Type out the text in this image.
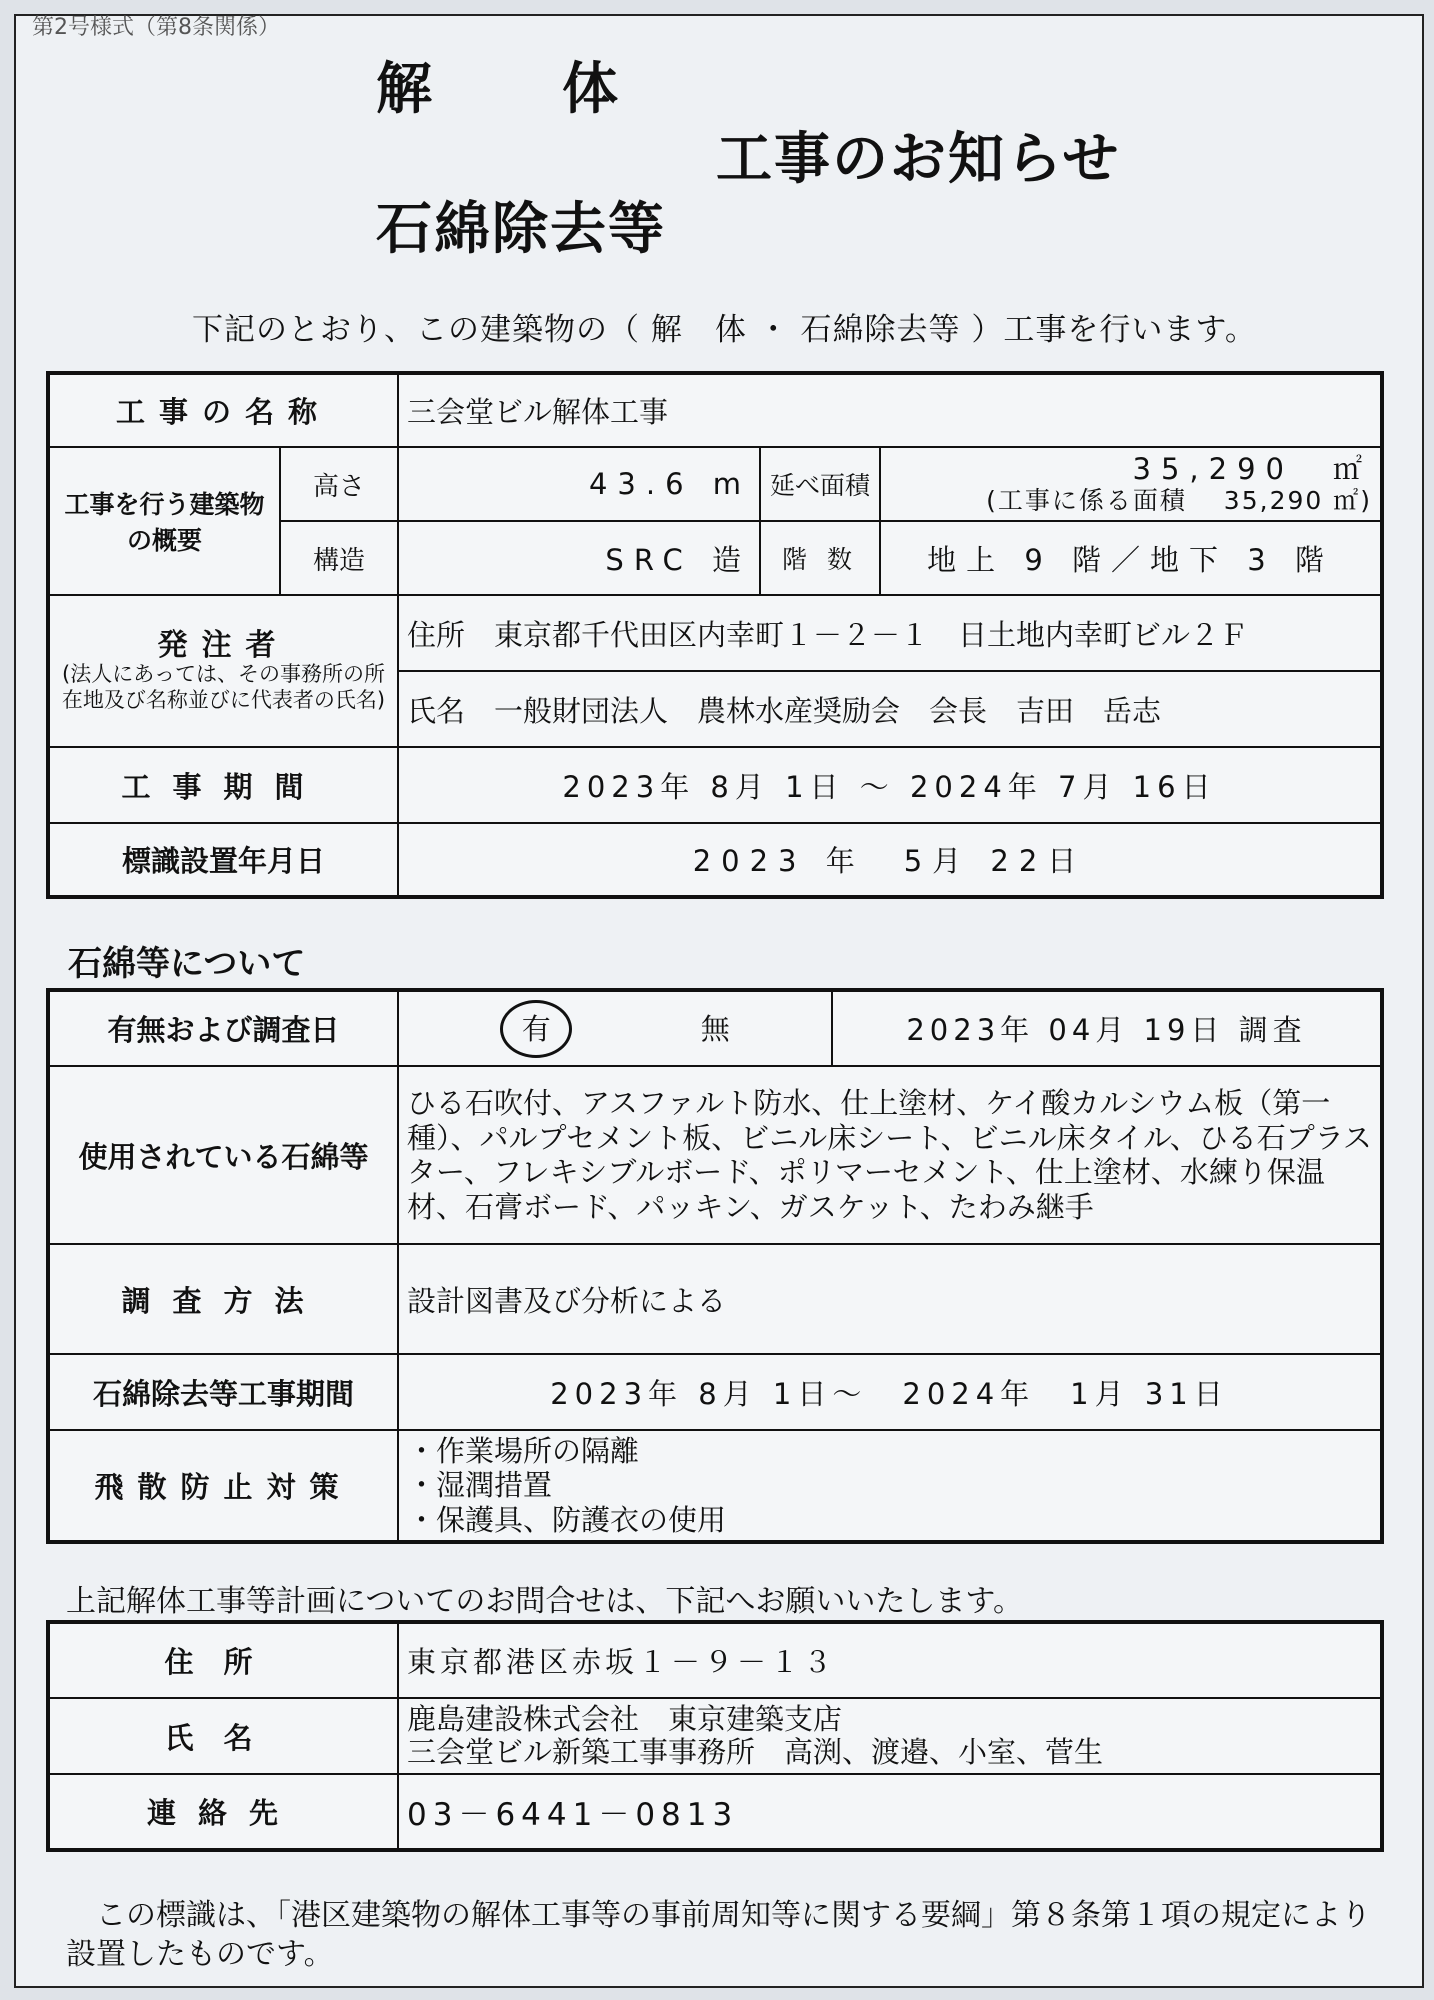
第2号様式（第8条関係）
解体
工事のお知らせ
石綿除去等
下記のとおり、この建築物の（ 解　体 ・ 石綿除去等 ）工事を行います。
工事の名称		三会堂ビル解体工事		
工事を行う建築物の概要	高さ	43.6 m	延べ面積	35,290　㎡
(工事に係る面積　 35,290 ㎡)

	構造	SRC 造	階 数	地上 9 階／地下 3 階

発注者
(法人にあっては、その事務所の所在地及び名称並びに代表者の氏名)		住所　東京都千代田区内幸町１－２－１　日土地内幸町ビル２Ｆ		
		氏名　一般財団法人　農林水産奨励会　会長　吉田　岳志		
工事期間		2023年 8月 1日 ～ 2024年 7月 16日		
標識設置年月日		2023 年　5月 22日		
石綿等について
有無および調査日	有 無	2023年 04月 19日 調査
使用されている石綿等	ひる石吹付、アスファルト防水、仕上塗材、ケイ酸カルシウム板（第一種）、パルプセメント板、ビニル床シート、ビニル床タイル、ひる石プラスター、フレキシブルボード、ポリマーセメント、仕上塗材、水練り保温材、石膏ボード、パッキン、ガスケット、たわみ継手	
調査方法	設計図書及び分析による	
石綿除去等工事期間	2023年 8月 1日～　2024年　1月 31日	
飛散防止対策	・作業場所の隔離
・湿潤措置
・保護具、防護衣の使用	
上記解体工事等計画についてのお問合せは、下記へお願いいたします。
住所	東京都港区赤坂１－９－１３
氏名	鹿島建設株式会社　東京建築支店
三会堂ビル新築工事事務所　高渕、渡邉、小室、菅生

連絡先	03－6441－0813
この標識は、「港区建築物の解体工事等の事前周知等に関する要綱」第８条第１項の規定により設置したものです。
